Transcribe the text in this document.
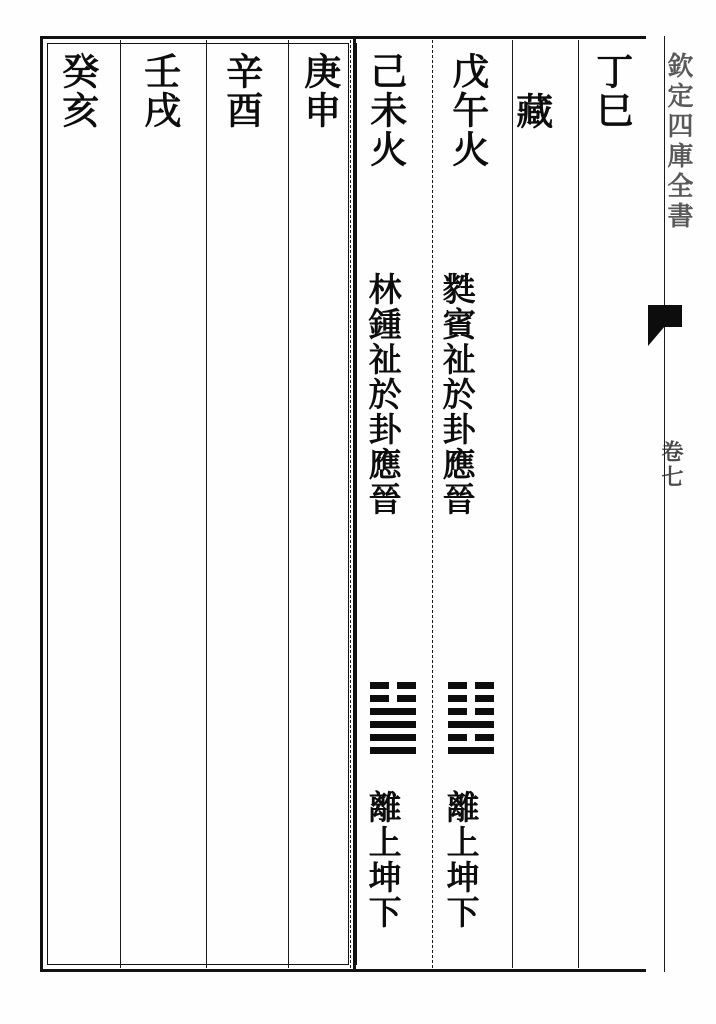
癸亥 壬戌 辛酉 庚申 己未火 戊午火 藏 丁巳
林鍾祉於卦應晉 㽔賓祉於卦應晉
離上坤下 離上坤下
欽定四庫全書
卷七
